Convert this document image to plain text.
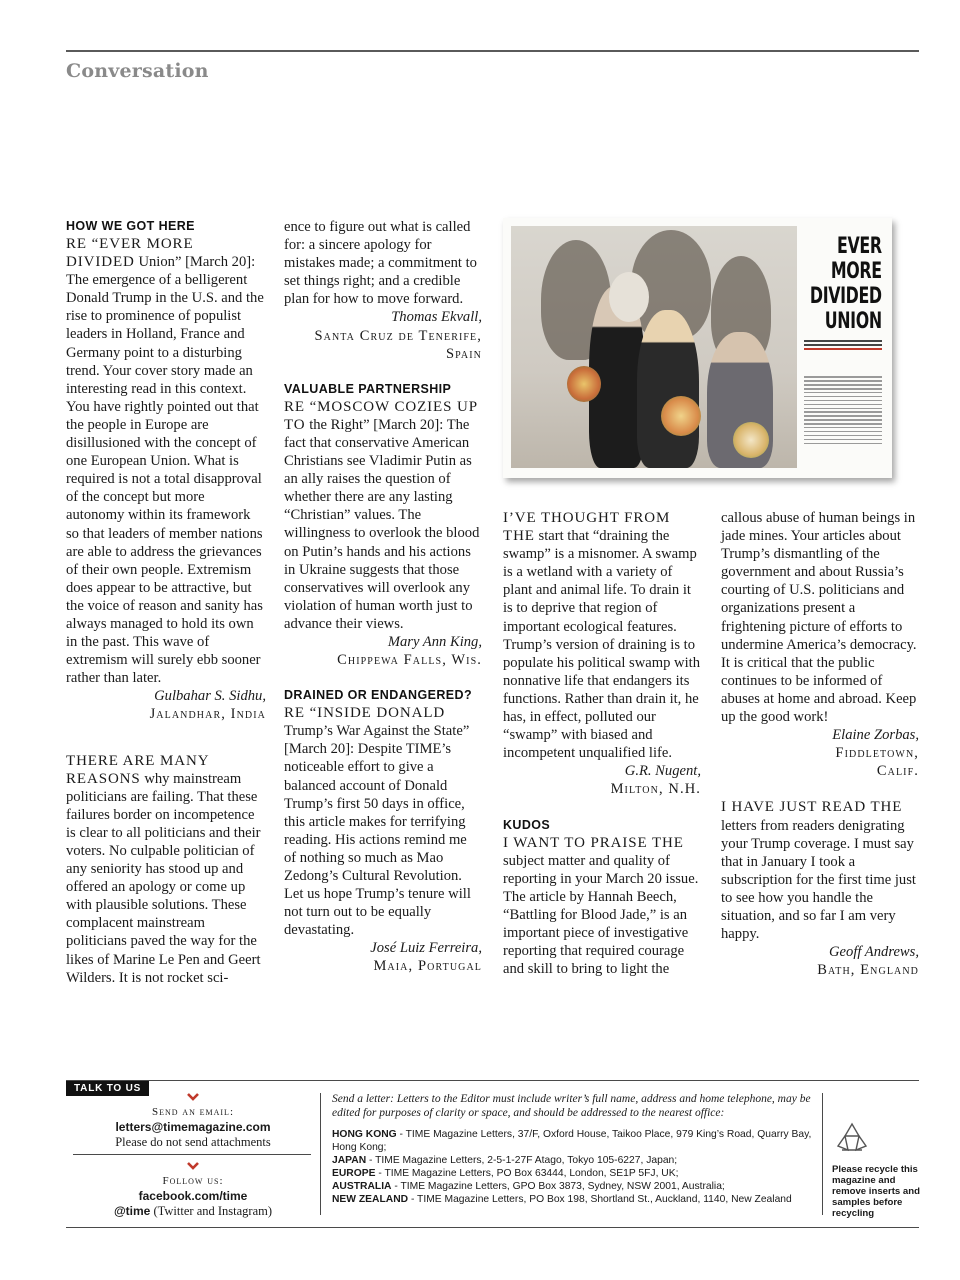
Conversation

HOW WE GOT HERE

RE “EVER MORE DIVIDED Union” [March 20]: The emergence of a belligerent Donald Trump in the U.S. and the rise to prominence of populist leaders in Holland, France and Germany point to a disturbing trend. Your cover story made an interesting read in this context. You have rightly pointed out that the people in Europe are disillusioned with the concept of one European Union. What is required is not a total disapproval of the concept but more autonomy within its framework so that leaders of member nations are able to address the grievances of their own people. Extremism does appear to be attractive, but the voice of reason and sanity has always managed to hold its own in the past. This wave of extremism will surely ebb sooner rather than later.

Gulbahar S. Sidhu,

Jalandhar, India

THERE ARE MANY REASONS why mainstream politicians are failing. That these failures border on incompetence is clear to all politicians and their voters. No culpable politician of any seniority has stood up and offered an apology or come up with plausible solutions. These complacent mainstream politicians paved the way for the likes of Marine Le Pen and Geert Wilders. It is not rocket sci-

ence to figure out what is called for: a sincere apology for mistakes made; a commitment to set things right; and a credible plan for how to move forward.

Thomas Ekvall,

Santa Cruz de Tenerife,

Spain

VALUABLE PARTNERSHIP

RE “MOSCOW COZIES UP TO the Right” [March 20]: The fact that conservative American Christians see Vladimir Putin as an ally raises the question of whether there are any lasting “Christian” values. The willingness to overlook the blood on Putin’s hands and his actions in Ukraine suggests that those conservatives will overlook any violation of human worth just to advance their views.

Mary Ann King,

Chippewa Falls, Wis.

DRAINED OR ENDANGERED?

RE “INSIDE DONALD Trump’s War Against the State” [March 20]: Despite TIME’s noticeable effort to give a balanced account of Donald Trump’s first 50 days in office, this article makes for terrifying reading. His actions remind me of nothing so much as Mao Zedong’s Cultural Revolution. Let us hope Trump’s tenure will not turn out to be equally devastating.

José Luiz Ferreira,

Maia, Portugal

EVER
MORE
DIVIDED
UNION

I’VE THOUGHT FROM THE start that “draining the swamp” is a misnomer. A swamp is a wetland with a variety of plant and animal life. To drain it is to deprive that region of important ecological features. Trump’s version of draining is to populate his political swamp with nonnative life that endangers its functions. Rather than drain it, he has, in effect, polluted our “swamp” with biased and incompetent unqualified life.

G.R. Nugent,

Milton, N.H.

KUDOS

I WANT TO PRAISE THE subject matter and quality of reporting in your March 20 issue. The article by Hannah Beech, “Battling for Blood Jade,” is an important piece of investigative reporting that required courage and skill to bring to light the

callous abuse of human beings in jade mines. Your articles about Trump’s dismantling of the government and about Russia’s courting of U.S. politicians and organizations present a frightening picture of efforts to undermine America’s democracy. It is critical that the public continues to be informed of abuses at home and abroad. Keep up the good work!

Elaine Zorbas,

Fiddletown,

Calif.

I HAVE JUST READ THE letters from readers denigrating your Trump coverage. I must say that in January I took a subscription for the first time just to see how you handle the situation, and so far I am very happy.

Geoff Andrews,

Bath, England

TALK TO US
Send an email:
letters@timemagazine.com
Please do not send attachments
Follow us:
facebook.com/time
@time (Twitter and Instagram)
Send a letter: Letters to the Editor must include writer’s full name, address and home telephone, may be edited for purposes of clarity or space, and should be addressed to the nearest office:
HONG KONG - TIME Magazine Letters, 37/F, Oxford House, Taikoo Place, 979 King’s Road, Quarry Bay, Hong Kong;
JAPAN - TIME Magazine Letters, 2-5-1-27F Atago, Tokyo 105-6227, Japan;
EUROPE - TIME Magazine Letters, PO Box 63444, London, SE1P 5FJ, UK;
AUSTRALIA - TIME Magazine Letters, GPO Box 3873, Sydney, NSW 2001, Australia;
NEW ZEALAND - TIME Magazine Letters, PO Box 198, Shortland St., Auckland, 1140, New Zealand
Please recycle this magazine and remove inserts and samples before recycling
